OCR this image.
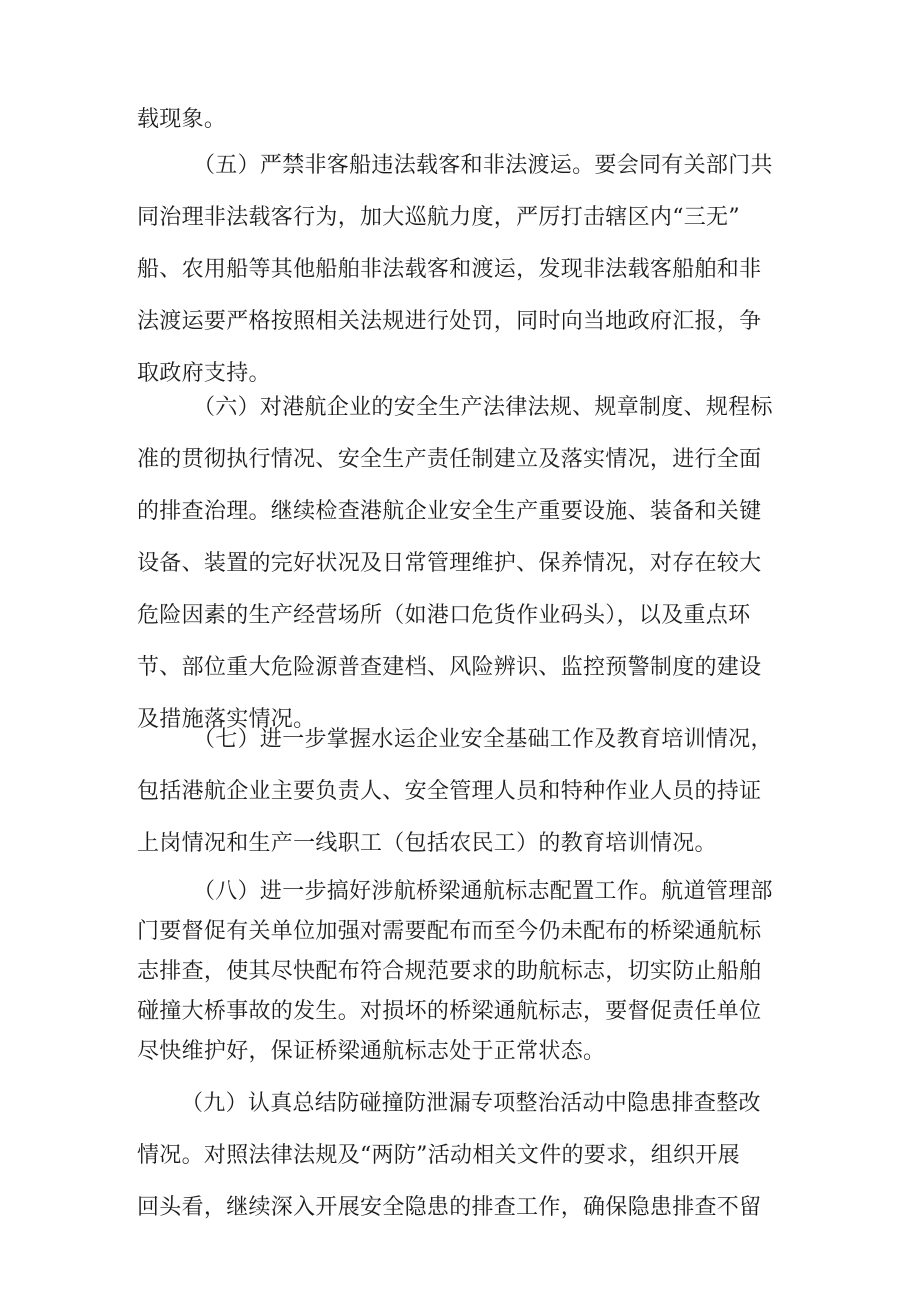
载现象。

（五）严禁非客船违法载客和非法渡运。要会同有关部门共
同治理非法载客行为，加大巡航力度，严厉打击辖区内“三无”
船、农用船等其他船舶非法载客和渡运，发现非法载客船舶和非
法渡运要严格按照相关法规进行处罚，同时向当地政府汇报，争
取政府支持。

（六）对港航企业的安全生产法律法规、规章制度、规程标
准的贯彻执行情况、安全生产责任制建立及落实情况，进行全面
的排查治理。继续检查港航企业安全生产重要设施、装备和关键
设备、装置的完好状况及日常管理维护、保养情况，对存在较大
危险因素的生产经营场所（如港口危货作业码头），以及重点环
节、部位重大危险源普查建档、风险辨识、监控预警制度的建设
及措施落实情况。

（七）进一步掌握水运企业安全基础工作及教育培训情况，
包括港航企业主要负责人、安全管理人员和特种作业人员的持证
上岗情况和生产一线职工（包括农民工）的教育培训情况。

（八）进一步搞好涉航桥梁通航标志配置工作。航道管理部
门要督促有关单位加强对需要配布而至今仍未配布的桥梁通航标
志排查，使其尽快配布符合规范要求的助航标志，切实防止船舶
碰撞大桥事故的发生。对损坏的桥梁通航标志，要督促责任单位
尽快维护好，保证桥梁通航标志处于正常状态。

（九）认真总结防碰撞防泄漏专项整治活动中隐患排查整改
情况。对照法律法规及“两防”活动相关文件的要求，组织开展
回头看，继续深入开展安全隐患的排查工作，确保隐患排查不留
